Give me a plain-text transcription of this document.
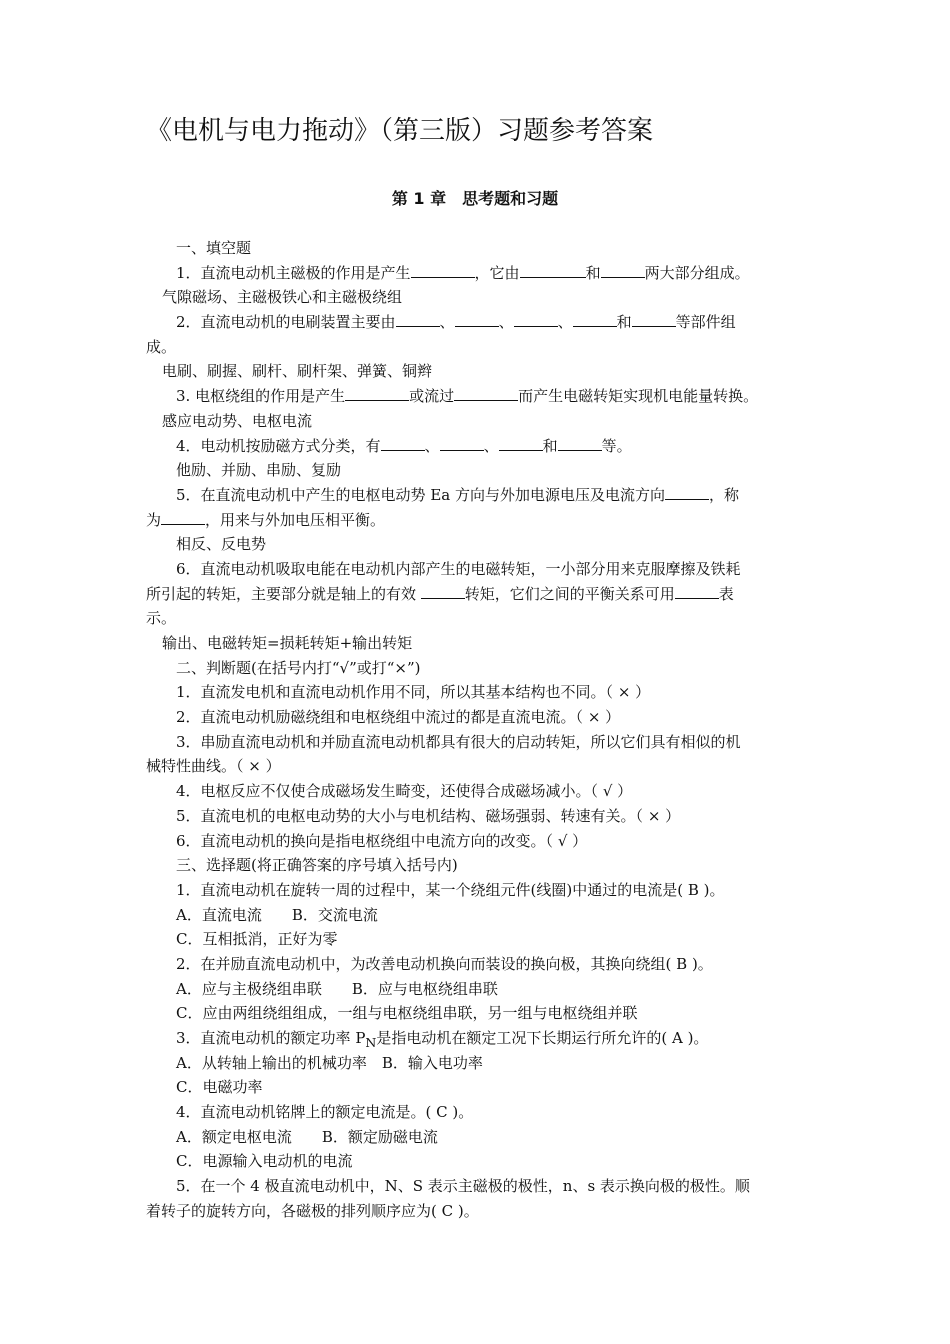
《电机与电力拖动》（第三版）习题参考答案
第 1 章　思考题和习题
一、填空题
1．直流电动机主磁极的作用是产生	，它由	和	两大部分组成。
气隙磁场、主磁极铁心和主磁极绕组
2．直流电动机的电刷装置主要由	、	、	、	和	等部件组
成。
电刷、刷握、刷杆、刷杆架、弹簧、铜辫
3. 电枢绕组的作用是产生	或流过	而产生电磁转矩实现机电能量转换。
感应电动势、电枢电流
4．电动机按励磁方式分类，有	、	、	和	等。
他励、并励、串励、复励
5．在直流电动机中产生的电枢电动势 Ea 方向与外加电源电压及电流方向	，称
为	，用来与外加电压相平衡。
相反、反电势
6．直流电动机吸取电能在电动机内部产生的电磁转矩，一小部分用来克服摩擦及铁耗
所引起的转矩，主要部分就是轴上的有效	转矩，它们之间的平衡关系可用	表
示。
输出、电磁转矩=损耗转矩+输出转矩
二、判断题(在括号内打“√”或打“×”)
1．直流发电机和直流电动机作用不同，所以其基本结构也不同。（ × ）
2．直流电动机励磁绕组和电枢绕组中流过的都是直流电流。（ × ）
3．串励直流电动机和并励直流电动机都具有很大的启动转矩，所以它们具有相似的机
械特性曲线。（ × ）
4．电枢反应不仅使合成磁场发生畸变，还使得合成磁场减小。（ √ ）
5．直流电机的电枢电动势的大小与电机结构、磁场强弱、转速有关。（ × ）
6．直流电动机的换向是指电枢绕组中电流方向的改变。（ √ ）
三、选择题(将正确答案的序号填入括号内)
1．直流电动机在旋转一周的过程中，某一个绕组元件(线圈)中通过的电流是( B )。
A．直流电流　　B．交流电流
C．互相抵消，正好为零
2．在并励直流电动机中，为改善电动机换向而装设的换向极，其换向绕组( B )。
A．应与主极绕组串联　　B．应与电枢绕组串联
C．应由两组绕组组成，一组与电枢绕组串联，另一组与电枢绕组并联
3．直流电动机的额定功率 $P_N$是指电动机在额定工况下长期运行所允许的( A )。
A．从转轴上输出的机械功率　B．输入电功率
C．电磁功率
4．直流电动机铭牌上的额定电流是。( C )。
A．额定电枢电流　　B．额定励磁电流
C．电源输入电动机的电流
5．在一个 4 极直流电动机中，N、S 表示主磁极的极性，n、s 表示换向极的极性。顺
着转子的旋转方向，各磁极的排列顺序应为( C )。
